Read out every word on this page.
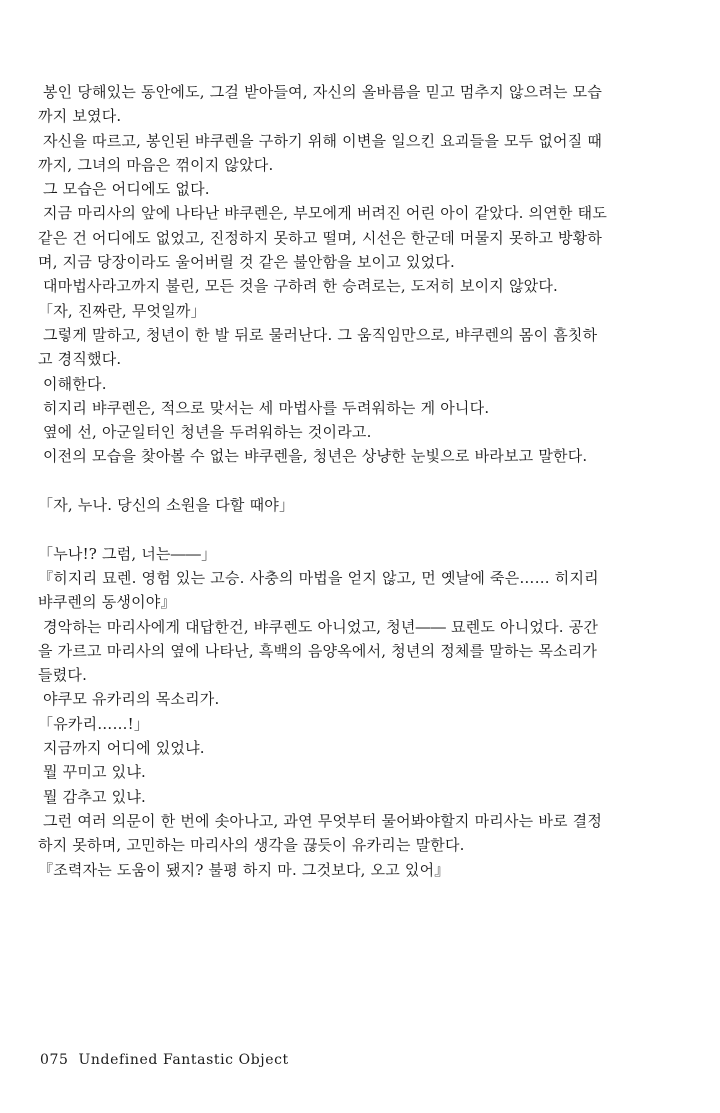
봉인 당해있는 동안에도, 그걸 받아들여, 자신의 올바름을 믿고 멈추지 않으려는 모습
까지 보였다.
자신을 따르고, 봉인된 뱌쿠렌을 구하기 위해 이변을 일으킨 요괴들을 모두 없어질 때
까지, 그녀의 마음은 꺾이지 않았다.
그 모습은 어디에도 없다.
지금 마리사의 앞에 나타난 뱌쿠렌은, 부모에게 버려진 어린 아이 같았다. 의연한 태도
같은 건 어디에도 없었고, 진정하지 못하고 떨며, 시선은 한군데 머물지 못하고 방황하
며, 지금 당장이라도 울어버릴 것 같은 불안함을 보이고 있었다.
대마법사라고까지 불린, 모든 것을 구하려 한 승려로는, 도저히 보이지 않았다.
「자, 진짜란, 무엇일까」
그렇게 말하고, 청년이 한 발 뒤로 물러난다. 그 움직임만으로, 뱌쿠렌의 몸이 흠칫하
고 경직했다.
이해한다.
히지리 뱌쿠렌은, 적으로 맞서는 세 마법사를 두려워하는 게 아니다.
옆에 선, 아군일터인 청년을 두려워하는 것이라고.
이전의 모습을 찾아볼 수 없는 뱌쿠렌을, 청년은 상냥한 눈빛으로 바라보고 말한다.
「자, 누나. 당신의 소원을 다할 때야」
「누나!? 그럼, 너는――」
『히지리 묘렌. 영험 있는 고승. 사충의 마법을 얻지 않고, 먼 옛날에 죽은…… 히지리
뱌쿠렌의 동생이야』
경악하는 마리사에게 대답한건, 뱌쿠렌도 아니었고, 청년―― 묘렌도 아니었다. 공간
을 가르고 마리사의 옆에 나타난, 흑백의 음양옥에서, 청년의 정체를 말하는 목소리가
들렸다.
야쿠모 유카리의 목소리가.
「유카리……!」
지금까지 어디에 있었냐.
뭘 꾸미고 있냐.
뭘 감추고 있냐.
그런 여러 의문이 한 번에 솟아나고, 과연 무엇부터 물어봐야할지 마리사는 바로 결정
하지 못하며, 고민하는 마리사의 생각을 끊듯이 유카리는 말한다.
『조력자는 도움이 됐지? 불평 하지 마. 그것보다, 오고 있어』
075 Undefined Fantastic Object
